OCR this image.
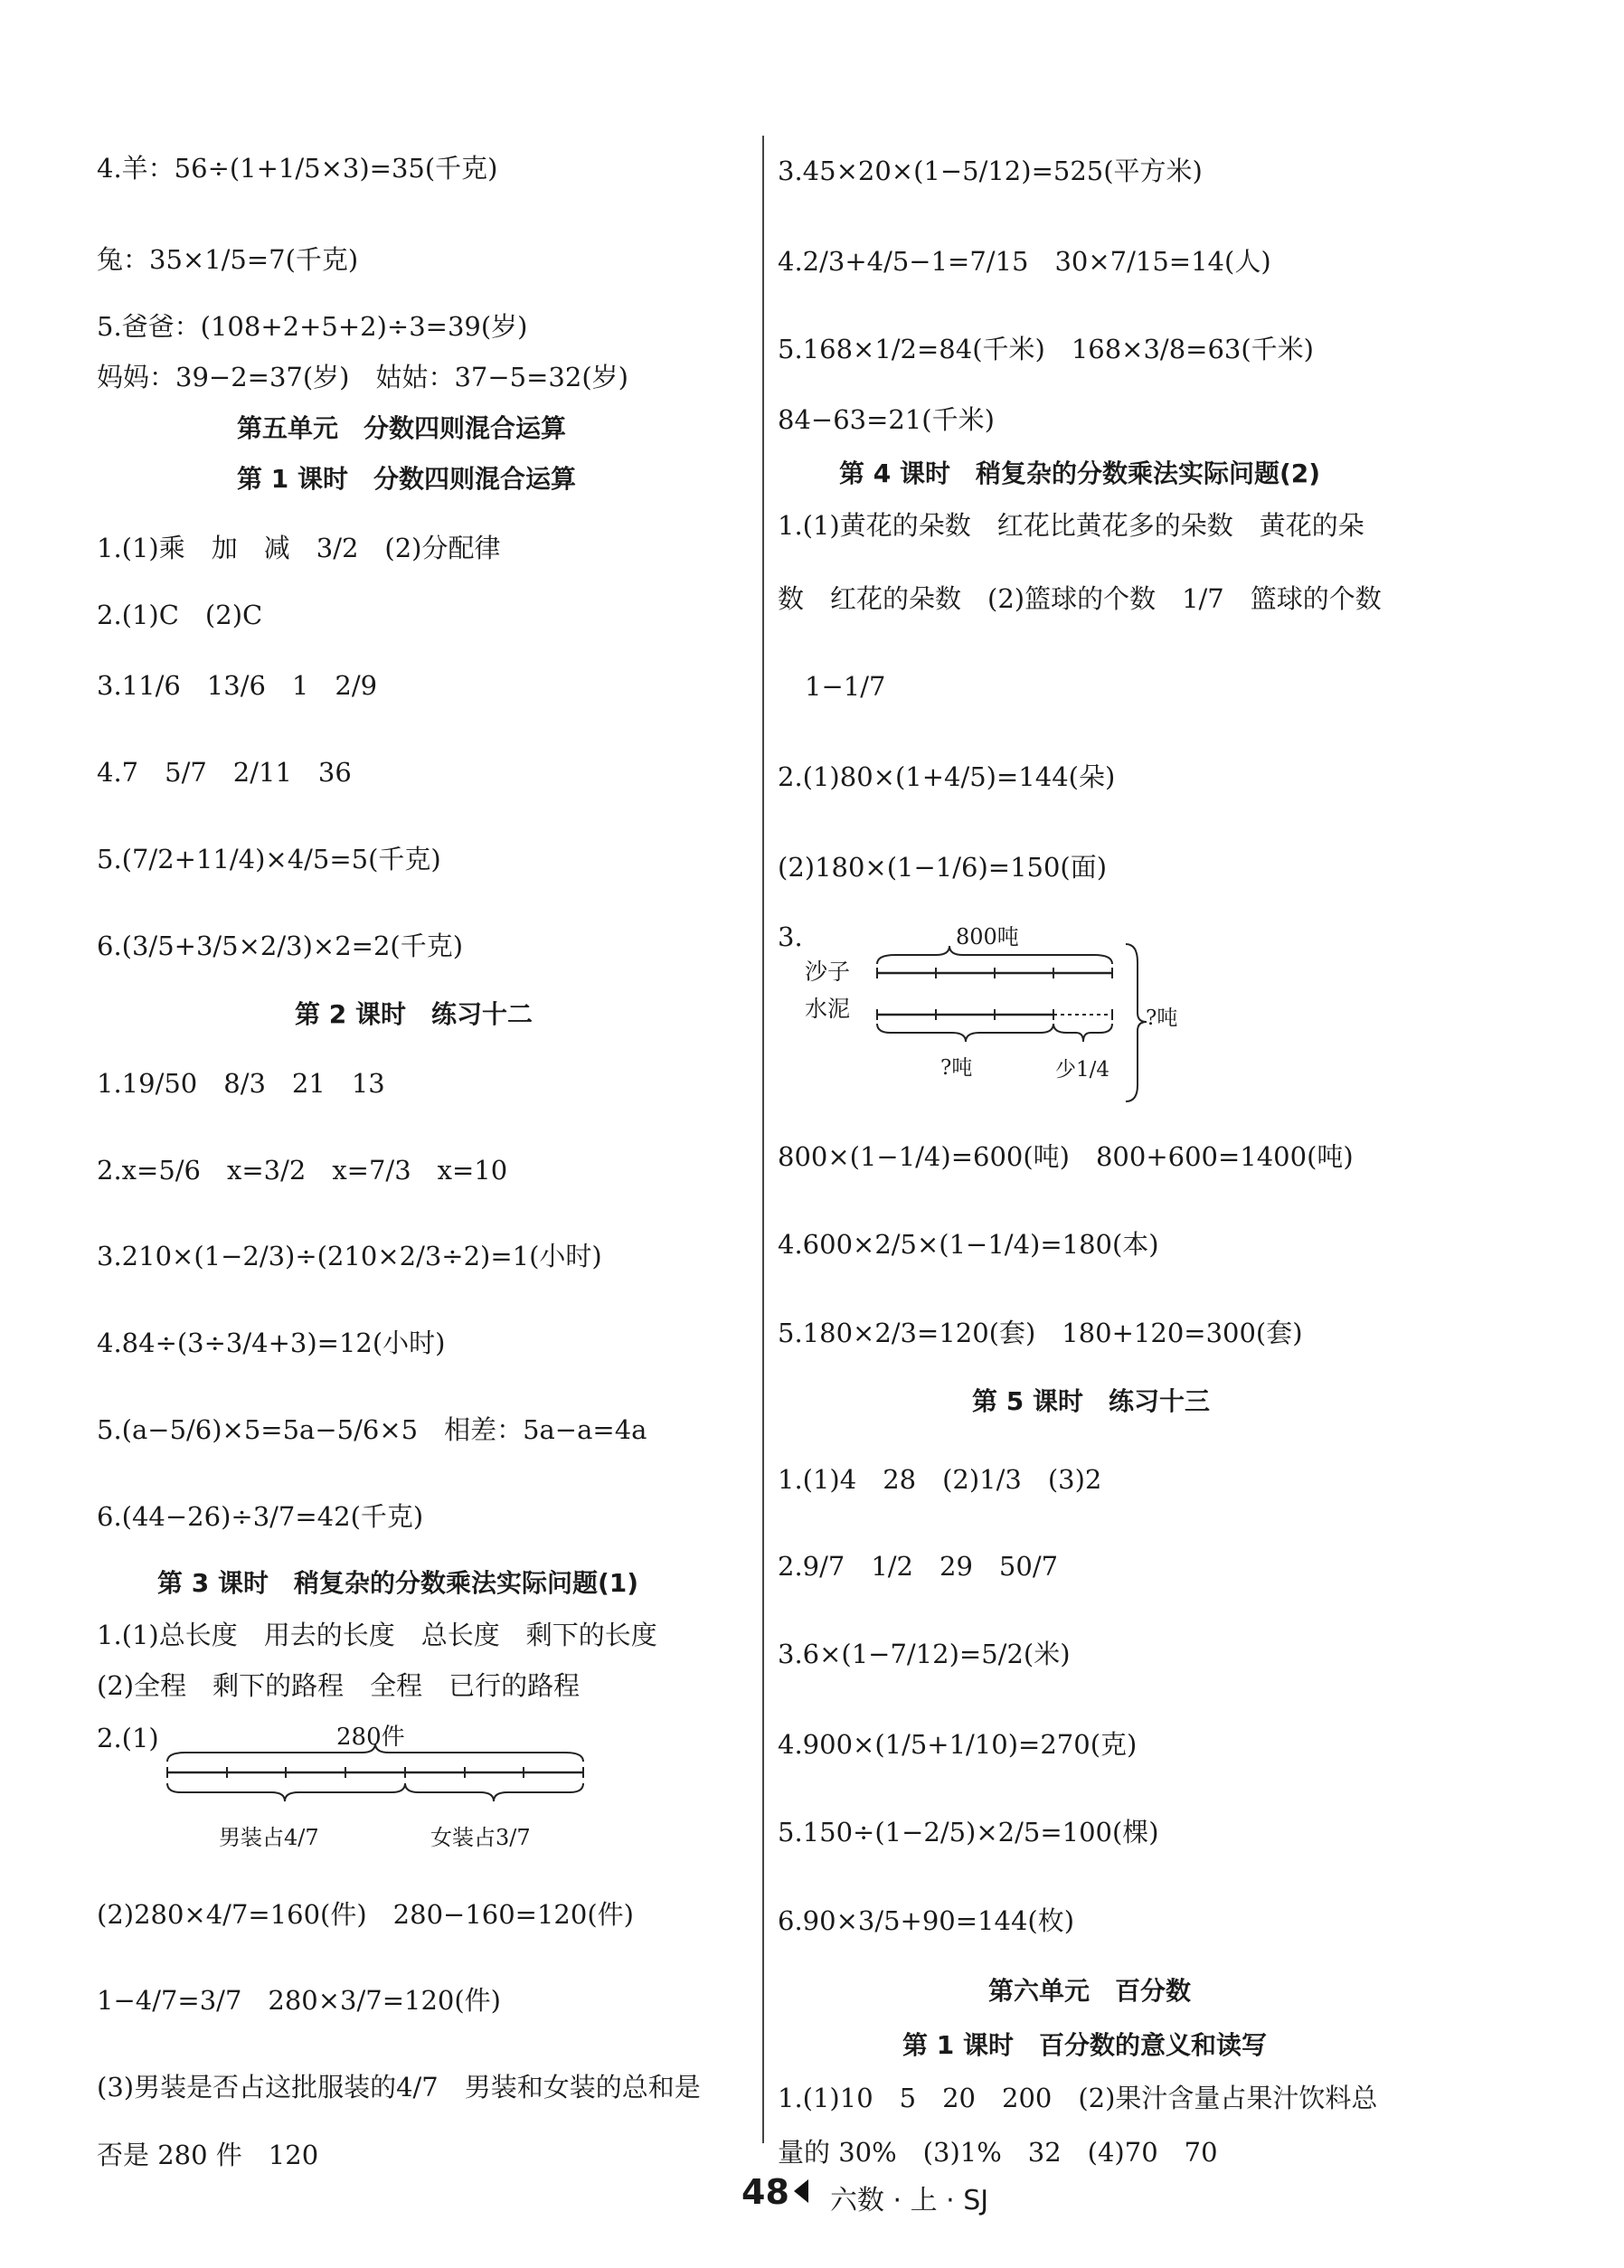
4.羊：56÷(1+1/5×3)=35(千克)
兔：35×1/5=7(千克)
5.爸爸：(108+2+5+2)÷3=39(岁)
妈妈：39−2=37(岁)　姑姑：37−5=32(岁)
第五单元　分数四则混合运算
第 1 课时　分数四则混合运算
1.(1)乘　加　减　3/2　(2)分配律
2.(1)C　(2)C
3.11/6　13/6　1　2/9
4.7　5/7　2/11　36
5.(7/2+11/4)×4/5=5(千克)
6.(3/5+3/5×2/3)×2=2(千克)
第 2 课时　练习十二
1.19/50　8/3　21　13
2.x=5/6　x=3/2　x=7/3　x=10
3.210×(1−2/3)÷(210×2/3÷2)=1(小时)
4.84÷(3÷3/4+3)=12(小时)
5.(a−5/6)×5=5a−5/6×5　相差：5a−a=4a
6.(44−26)÷3/7=42(千克)
第 3 课时　稍复杂的分数乘法实际问题(1)
1.(1)总长度　用去的长度　总长度　剩下的长度
(2)全程　剩下的路程　全程　已行的路程
2.(1)	280件
男装占4/7	女装占3/7
(2)280×4/7=160(件)　280−160=120(件)
1−4/7=3/7　280×3/7=120(件)
(3)男装是否占这批服装的4/7　男装和女装的总和是
否是 280 件　120
3.45×20×(1−5/12)=525(平方米)
4.2/3+4/5−1=7/15　30×7/15=14(人)
5.168×1/2=84(千米)　168×3/8=63(千米)
84−63=21(千米)
第 4 课时　稍复杂的分数乘法实际问题(2)
1.(1)黄花的朵数　红花比黄花多的朵数　黄花的朵
数　红花的朵数　(2)篮球的个数　1/7　篮球的个数
1−1/7
2.(1)80×(1+4/5)=144(朵)
(2)180×(1−1/6)=150(面)
3.	800吨
沙子
水泥	?吨
?吨	少1/4
800×(1−1/4)=600(吨)　800+600=1400(吨)
4.600×2/5×(1−1/4)=180(本)
5.180×2/3=120(套)　180+120=300(套)
第 5 课时　练习十三
1.(1)4　28　(2)1/3　(3)2
2.9/7　1/2　29　50/7
3.6×(1−7/12)=5/2(米)
4.900×(1/5+1/10)=270(克)
5.150÷(1−2/5)×2/5=100(棵)
6.90×3/5+90=144(枚)
第六单元　百分数
第 1 课时　百分数的意义和读写
1.(1)10　5　20　200　(2)果汁含量占果汁饮料总
量的 30%　(3)1%　32　(4)70　70
48 六数 · 上 · SJ
